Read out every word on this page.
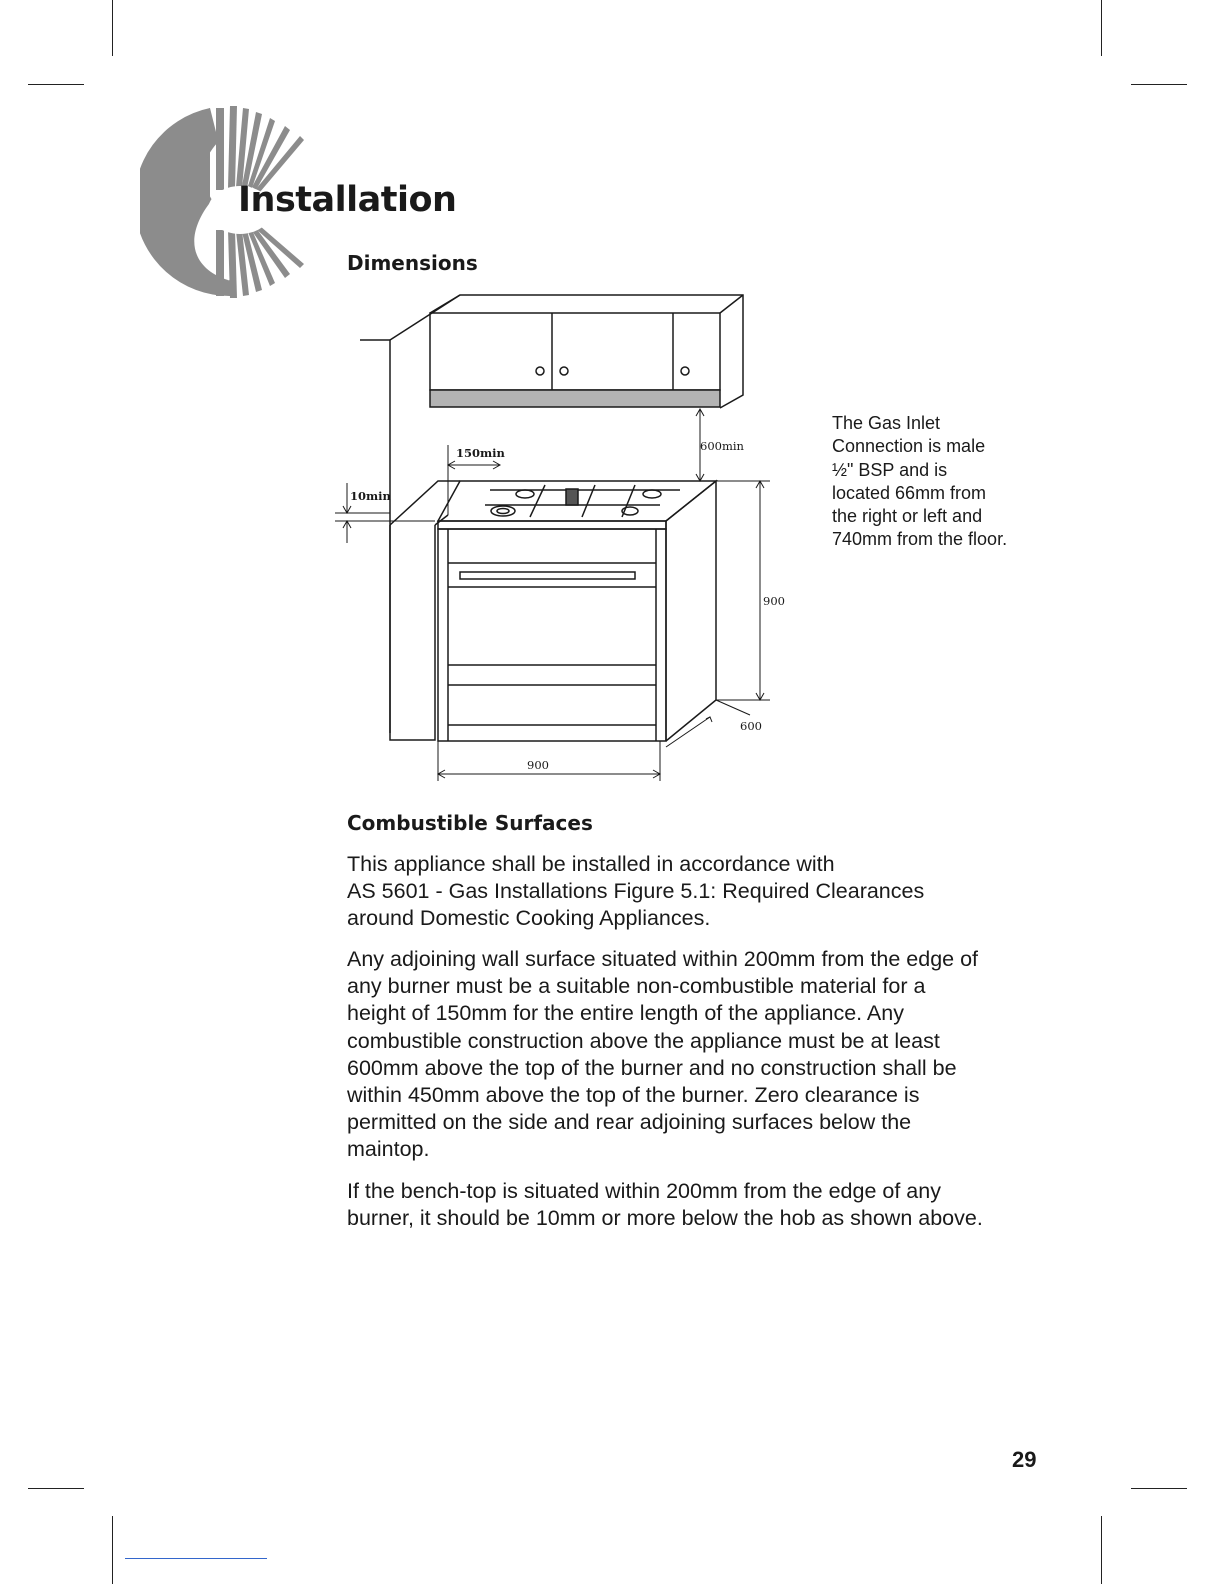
Installation
Dimensions
150min	600min
10min
900
600
900
The Gas Inlet
Connection is male
½" BSP and is
located 66mm from
the right or left and
740mm from the floor.
Combustible Surfaces
This appliance shall be installed in accordance with
AS 5601 - Gas Installations Figure 5.1: Required Clearances
around Domestic Cooking Appliances.
Any adjoining wall surface situated within 200mm from the edge of
any burner must be a suitable non-combustible material for a
height of 150mm for the entire length of the appliance. Any
combustible construction above the appliance must be at least
600mm above the top of the burner and no construction shall be
within 450mm above the top of the burner. Zero clearance is
permitted on the side and rear adjoining surfaces below the
maintop.
If the bench-top is situated within 200mm from the edge of any
burner, it should be 10mm or more below the hob as shown above.
29
